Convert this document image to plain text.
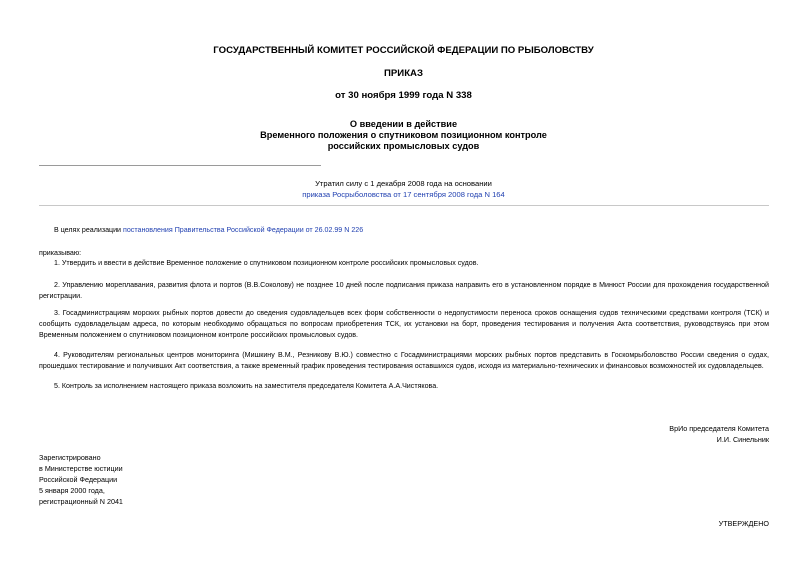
ГОСУДАРСТВЕННЫЙ КОМИТЕТ РОССИЙСКОЙ ФЕДЕРАЦИИ ПО РЫБОЛОВСТВУ
ПРИКАЗ
от 30 ноября 1999 года N 338
О введении в действие
Временного положения о спутниковом позиционном контроле
российских промысловых судов
Утратил силу с 1 декабря 2008 года на основании
приказа Росрыболовства от 17 сентября 2008 года N 164
В целях реализации постановления Правительства Российской Федерации от 26.02.99 N 226
приказываю:
1. Утвердить и ввести в действие Временное положение о спутниковом позиционном контроле российских промысловых судов.
2. Управлению мореплавания, развития флота и портов (В.В.Соколову) не позднее 10 дней после подписания приказа направить его в установленном порядке в Минюст России для прохождения государственной регистрации.
3. Госадминистрациям морских рыбных портов довести до сведения судовладельцев всех форм собственности о недопустимости переноса сроков оснащения судов техническими средствами контроля (ТСК) и сообщить судовладельцам адреса, по которым необходимо обращаться по вопросам приобретения ТСК, их установки на борт, проведения тестирования и получения Акта соответствия, руководствуясь при этом Временным положением о спутниковом позиционном контроле российских промысловых судов.
4. Руководителям региональных центров мониторинга (Мишкину В.М., Резникову В.Ю.) совместно с Госадминистрациями морских рыбных портов представить в Госкомрыболовство России сведения о судах, прошедших тестирование и получивших Акт соответствия, а также временный график проведения тестирования оставшихся судов, исходя из материально-технических и финансовых возможностей их судовладельцев.
5. Контроль за исполнением настоящего приказа возложить на заместителя председателя Комитета А.А.Чистякова.
ВрИо председателя Комитета
И.И. Синельник
Зарегистрировано
в Министерстве юстиции
Российской Федерации
5 января 2000 года,
регистрационный N 2041
УТВЕРЖДЕНО
